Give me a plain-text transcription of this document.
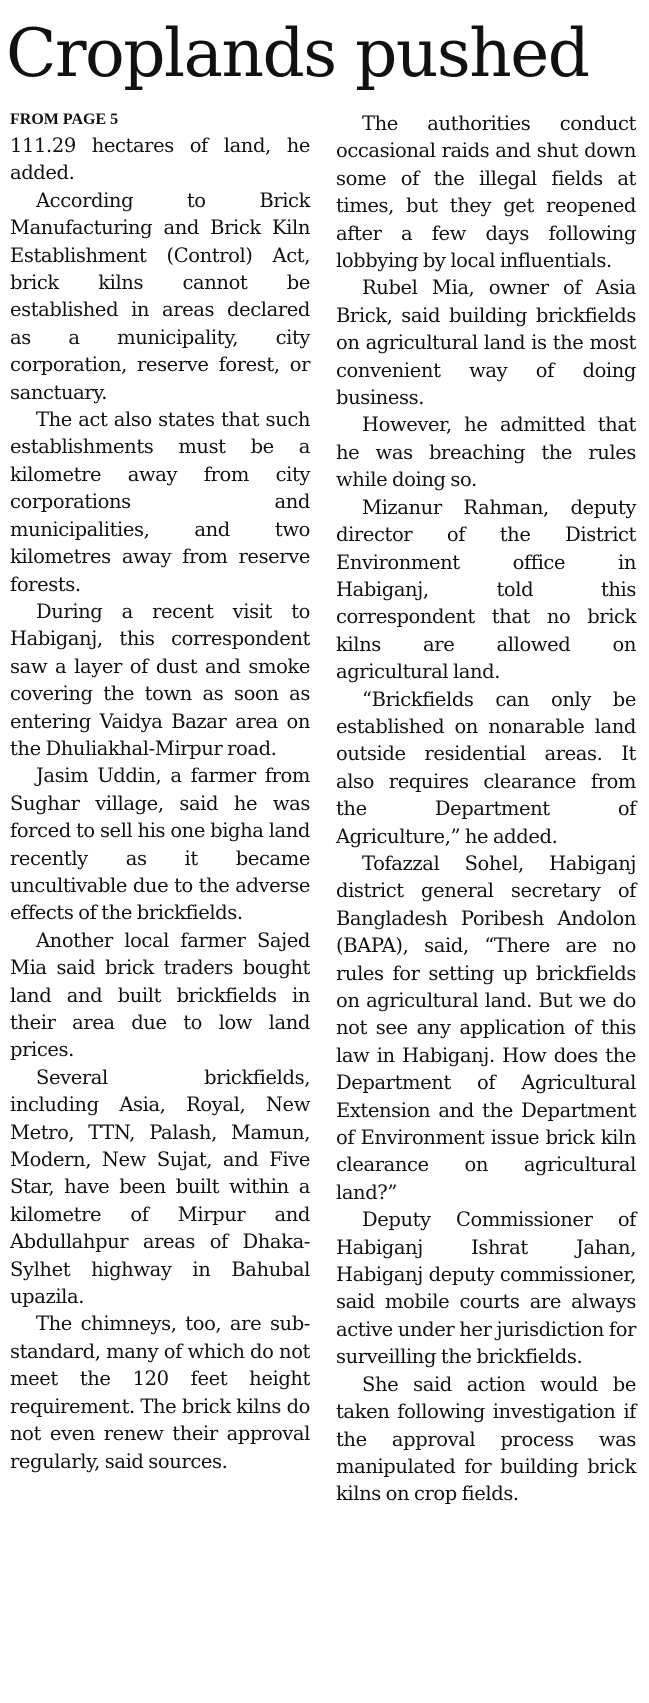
Croplands pushed
FROM PAGE 5

111.29 hectares of land, he added.

According to Brick Manufacturing and Brick Kiln Establishment (Control) Act, brick kilns cannot be established in areas declared as a municipality, city corporation, reserve forest, or sanctuary.

The act also states that such establishments must be a kilometre away from city corporations and municipalities, and two kilometres away from reserve forests.

During a recent visit to Habiganj, this correspondent saw a layer of dust and smoke covering the town as soon as entering Vaidya Bazar area on the Dhuliakhal-Mirpur road.

Jasim Uddin, a farmer from Sughar village, said he was forced to sell his one bigha land recently as it became uncultivable due to the adverse effects of the brickfields.

Another local farmer Sajed Mia said brick traders bought land and built brickfields in their area due to low land prices.

Several brickfields, including Asia, Royal, New Metro, TTN, Palash, Mamun, Modern, New Sujat, and Five Star, have been built within a kilometre of Mirpur and Abdullahpur areas of Dhaka-Sylhet highway in Bahubal upazila.

The chimneys, too, are sub-standard, many of which do not meet the 120 feet height requirement. The brick kilns do not even renew their approval regularly, said sources.

The authorities conduct occasional raids and shut down some of the illegal fields at times, but they get reopened after a few days following lobbying by local influentials.

Rubel Mia, owner of Asia Brick, said building brickfields on agricultural land is the most convenient way of doing business.

However, he admitted that he was breaching the rules while doing so.

Mizanur Rahman, deputy director of the District Environment office in Habiganj, told this correspondent that no brick kilns are allowed on agricultural land.

“Brickfields can only be established on nonarable land outside residential areas. It also requires clearance from the Department of Agriculture,” he added.

Tofazzal Sohel, Habiganj district general secretary of Bangladesh Poribesh Andolon (BAPA), said, “There are no rules for setting up brickfields on agricultural land. But we do not see any application of this law in Habiganj. How does the Department of Agricultural Extension and the Department of Environment issue brick kiln clearance on agricultural land?”

Deputy Commissioner of Habiganj Ishrat Jahan, Habiganj deputy commissioner, said mobile courts are always active under her jurisdiction for surveilling the brickfields.

She said action would be taken following investigation if the approval process was manipulated for building brick kilns on crop fields.
